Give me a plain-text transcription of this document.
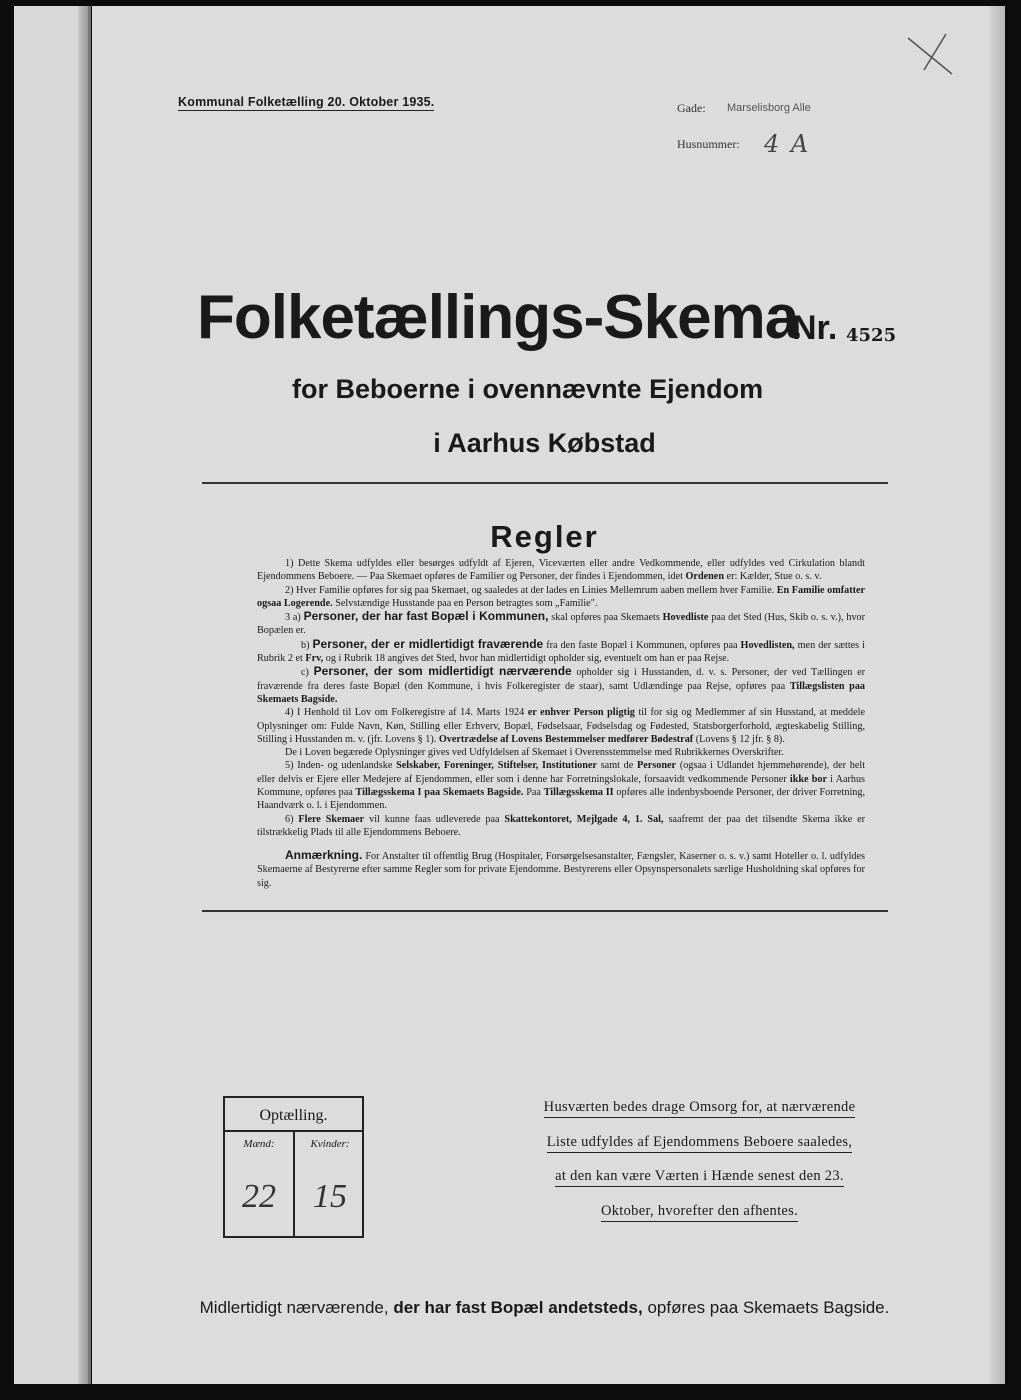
Kommunal Folketælling 20. Oktober 1935.	Gade: Marselisborg Alle
Husnummer: 4 A
Folketællings-Skema
Nr. 4525
for Beboerne i ovennævnte Ejendom
i Aarhus Købstad
Regler

1) Dette Skema udfyldes eller besørges udfyldt af Ejeren, Viceværten eller andre Vedkommende, eller udfyldes ved Cirkulation blandt Ejendommens Beboere. — Paa Skemaet opføres de Familier og Personer, der findes i Ejendommen, idet Ordenen er: Kælder, Stue o. s. v.

2) Hver Familie opføres for sig paa Skemaet, og saaledes at der lades en Linies Mellemrum aaben mellem hver Familie. En Familie omfatter ogsaa Logerende. Selvstændige Husstande paa en Person betragtes som „Familie".

3 a) Personer, der har fast Bopæl i Kommunen, skal opføres paa Skemaets Hovedliste paa det Sted (Hus, Skib o. s. v.), hvor Bopælen er.

b) Personer, der er midlertidigt fraværende fra den faste Bopæl i Kommunen, opføres paa Hovedlisten, men der sættes i Rubrik 2 et Frv, og i Rubrik 18 angives det Sted, hvor han midlertidigt opholder sig, eventuelt om han er paa Rejse.

c) Personer, der som midlertidigt nærværende opholder sig i Husstanden, d. v. s. Personer, der ved Tællingen er fraværende fra deres faste Bopæl (den Kommune, i hvis Folkeregister de staar), samt Udlændinge paa Rejse, opføres paa Tillægslisten paa Skemaets Bagside.

4) I Henhold til Lov om Folkeregistre af 14. Marts 1924 er enhver Person pligtig til for sig og Medlemmer af sin Husstand, at meddele Oplysninger om: Fulde Navn, Køn, Stilling eller Erhverv, Bopæl, Fødselsaar, Fødselsdag og Fødested, Statsborgerforhold, ægteskabelig Stilling, Stilling i Husstanden m. v. (jfr. Lovens § 1). Overtrædelse af Lovens Bestemmelser medfører Bødestraf (Lovens § 12 jfr. § 8).

De i Loven begærede Oplysninger gives ved Udfyldelsen af Skemaet i Overensstemmelse med Rubrikkernes Overskrifter.

5) Inden- og udenlandske Selskaber, Foreninger, Stiftelser, Institutioner samt de Personer (ogsaa i Udlandet hjemmehørende), der helt eller delvis er Ejere eller Medejere af Ejendommen, eller som i denne har Forretningslokale, forsaavidt vedkommende Personer ikke bor i Aarhus Kommune, opføres paa Tillægsskema I paa Skemaets Bagside. Paa Tillægsskema II opføres alle indenbysboende Personer, der driver Forretning, Haandværk o. l. i Ejendommen.

6) Flere Skemaer vil kunne faas udleverede paa Skattekontoret, Mejlgade 4, 1. Sal, saafremt der paa det tilsendte Skema ikke er tilstrækkelig Plads til alle Ejendommens Beboere.

Anmærkning. For Anstalter til offentlig Brug (Hospitaler, Forsørgelsesanstalter, Fængsler, Kaserner o. s. v.) samt Hoteller o. l. udfyldes Skemaerne af Bestyrerne efter samme Regler som for private Ejendomme. Bestyrerens eller Opsynspersonalets særlige Husholdning skal opføres for sig.
Optælling.
Mænd:	Kvinder:
22	15
Husværten bedes drage Omsorg for, at nærværende
Liste udfyldes af Ejendommens Beboere saaledes,
at den kan være Værten i Hænde senest den 23.
Oktober, hvorefter den afhentes.
Midlertidigt nærværende, der har fast Bopæl andetsteds, opføres paa Skemaets Bagside.
